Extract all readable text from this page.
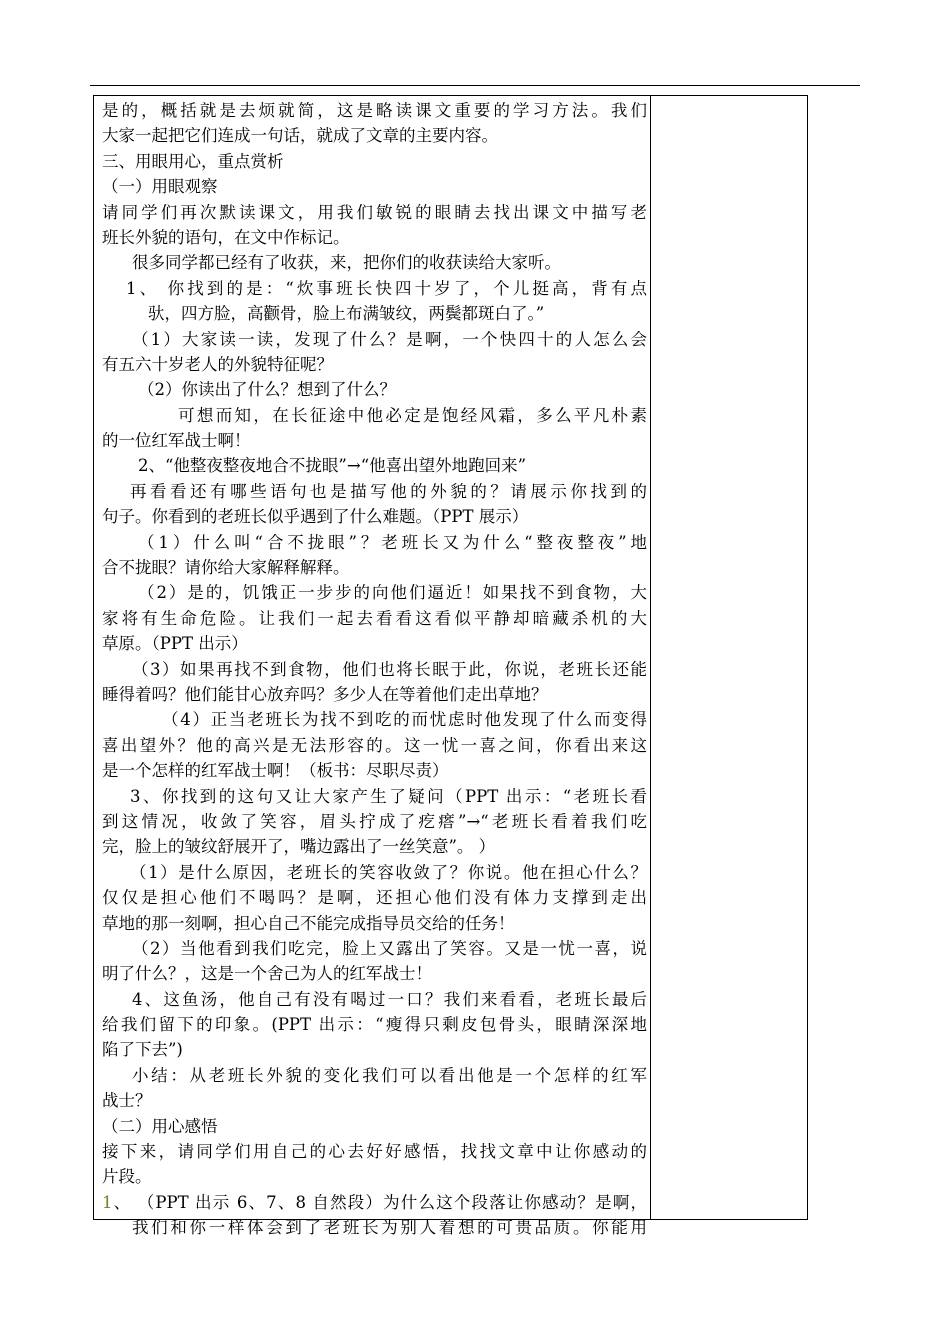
是的，概括就是去烦就简，这是略读课文重要的学习方法。我们
大家一起把它们连成一句话，就成了文章的主要内容。
三、用眼用心，重点赏析
（一）用眼观察
请同学们再次默读课文，用我们敏锐的眼睛去找出课文中描写老
班长外貌的语句，在文中作标记。
很多同学都已经有了收获，来，把你们的收获读给大家听。
1、 你找到的是：“炊事班长快四十岁了，个儿挺高，背有点
驮，四方脸，高颧骨，脸上布满皱纹，两鬓都斑白了。”
（1）大家读一读，发现了什么？是啊，一个快四十的人怎么会
有五六十岁老人的外貌特征呢？
（2）你读出了什么？想到了什么？
可想而知，在长征途中他必定是饱经风霜，多么平凡朴素
的一位红军战士啊！
2、“他整夜整夜地合不拢眼”→“他喜出望外地跑回来”
再看看还有哪些语句也是描写他的外貌的？请展示你找到的
句子。你看到的老班长似乎遇到了什么难题。（PPT 展示）
（1）什么叫“合不拢眼”？老班长又为什么“整夜整夜”地
合不拢眼？请你给大家解释解释。
（2）是的，饥饿正一步步的向他们逼近！如果找不到食物，大
家将有生命危险。让我们一起去看看这看似平静却暗藏杀机的大
草原。（PPT 出示）
（3）如果再找不到食物，他们也将长眠于此，你说，老班长还能
睡得着吗？他们能甘心放弃吗？多少人在等着他们走出草地？
（4）正当老班长为找不到吃的而忧虑时他发现了什么而变得
喜出望外？他的高兴是无法形容的。这一忧一喜之间，你看出来这
是一个怎样的红军战士啊！（板书：尽职尽责）
3、你找到的这句又让大家产生了疑问（PPT 出示：“老班长看
到这情况，收敛了笑容，眉头拧成了疙瘩”→“老班长看着我们吃
完，脸上的皱纹舒展开了，嘴边露出了一丝笑意”。 ）
（1）是什么原因，老班长的笑容收敛了？你说。他在担心什么？
仅仅是担心他们不喝吗？是啊，还担心他们没有体力支撑到走出
草地的那一刻啊，担心自己不能完成指导员交给的任务！
（2）当他看到我们吃完，脸上又露出了笑容。又是一忧一喜，说
明了什么？，这是一个舍己为人的红军战士！
4、这鱼汤，他自己有没有喝过一口？我们来看看，老班长最后
给我们留下的印象。(PPT 出示：“瘦得只剩皮包骨头，眼睛深深地
陷了下去”)
小结：从老班长外貌的变化我们可以看出他是一个怎样的红军
战士？
（二）用心感悟
接下来，请同学们用自己的心去好好感悟，找找文章中让你感动的
片段。
1、 （PPT 出示 6、7、8 自然段）为什么这个段落让你感动？是啊，
我们和你一样体会到了老班长为别人着想的可贵品质。你能用
